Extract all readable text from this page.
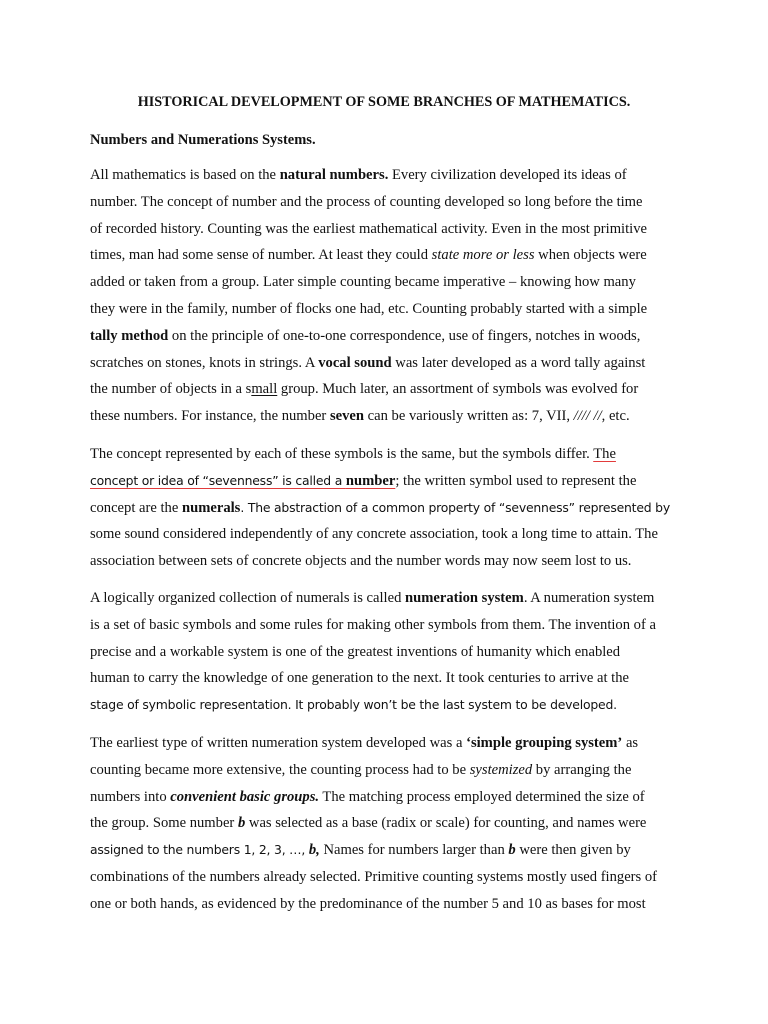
HISTORICAL DEVELOPMENT OF SOME BRANCHES OF MATHEMATICS.
Numbers and Numerations Systems.
All mathematics is based on the natural numbers. Every civilization developed its ideas of
number. The concept of number and the process of counting developed so long before the time
of recorded history. Counting was the earliest mathematical activity. Even in the most primitive
times, man had some sense of number. At least they could state more or less when objects were
added or taken from a group. Later simple counting became imperative – knowing how many
they were in the family, number of flocks one had, etc. Counting probably started with a simple
tally method on the principle of one-to-one correspondence, use of fingers, notches in woods,
scratches on stones, knots in strings. A vocal sound was later developed as a word tally against
the number of objects in a small group. Much later, an assortment of symbols was evolved for
these numbers. For instance, the number seven can be variously written as: 7, VII, //// //, etc.
The concept represented by each of these symbols is the same, but the symbols differ. The
concept or idea of “sevenness” is called a number; the written symbol used to represent the
concept are the numerals. The abstraction of a common property of “sevenness” represented by
some sound considered independently of any concrete association, took a long time to attain. The
association between sets of concrete objects and the number words may now seem lost to us.
A logically organized collection of numerals is called numeration system. A numeration system
is a set of basic symbols and some rules for making other symbols from them. The invention of a
precise and a workable system is one of the greatest inventions of humanity which enabled
human to carry the knowledge of one generation to the next. It took centuries to arrive at the
stage of symbolic representation. It probably won’t be the last system to be developed.
The earliest type of written numeration system developed was a ‘simple grouping system’ as
counting became more extensive, the counting process had to be systemized by arranging the
numbers into convenient basic groups. The matching process employed determined the size of
the group. Some number b was selected as a base (radix or scale) for counting, and names were
assigned to the numbers 1, 2, 3, …, b, Names for numbers larger than b were then given by
combinations of the numbers already selected. Primitive counting systems mostly used fingers of
one or both hands, as evidenced by the predominance of the number 5 and 10 as bases for most
